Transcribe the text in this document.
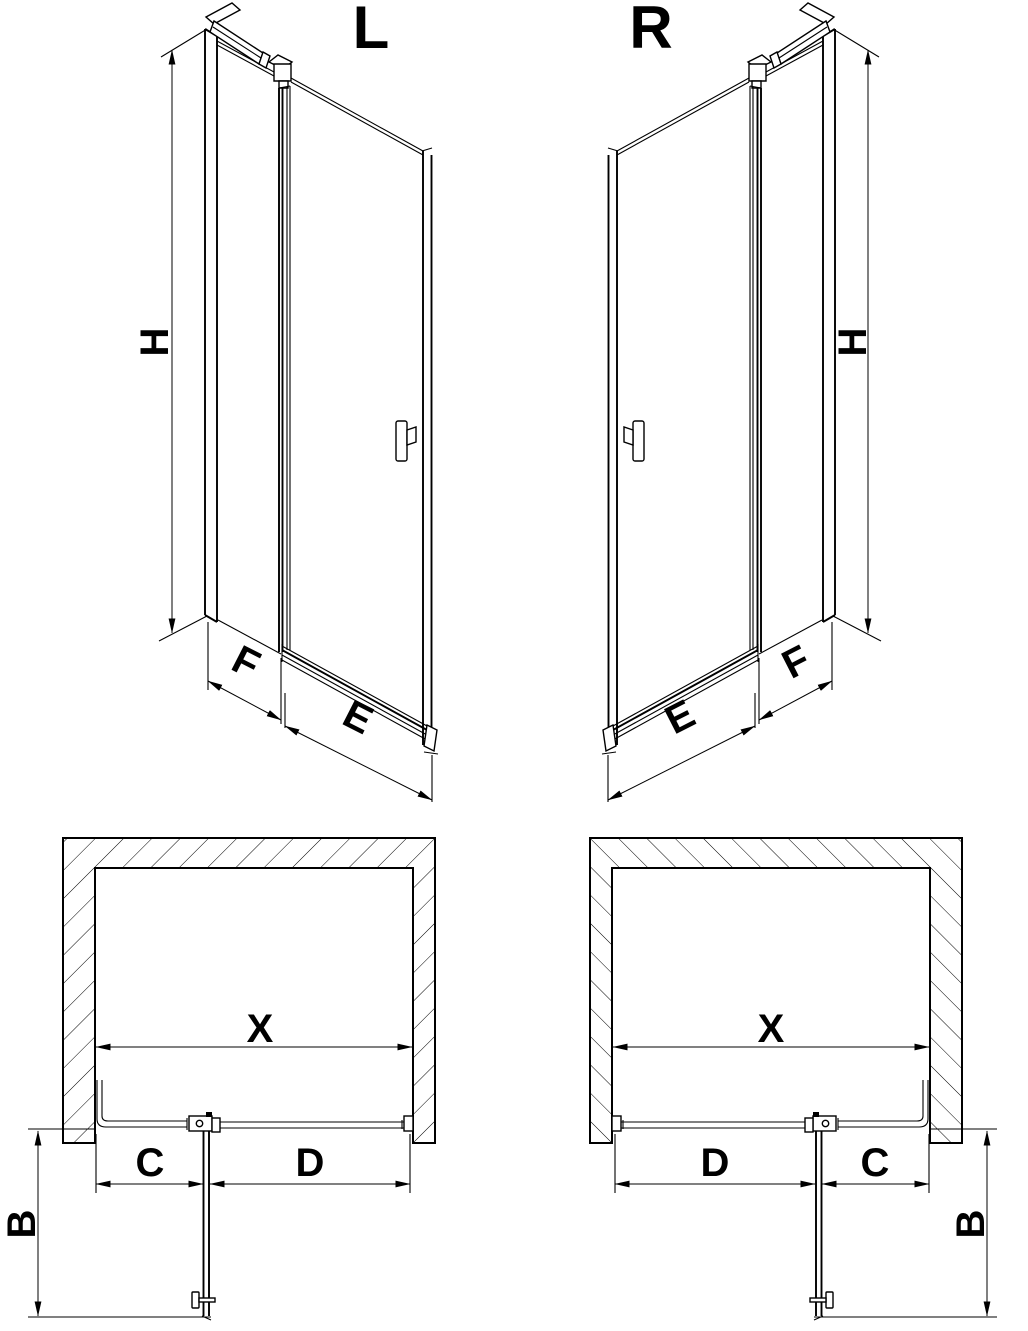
L
H
F
E
R
H
F
E
X
C	D
B
X
D	C
B
